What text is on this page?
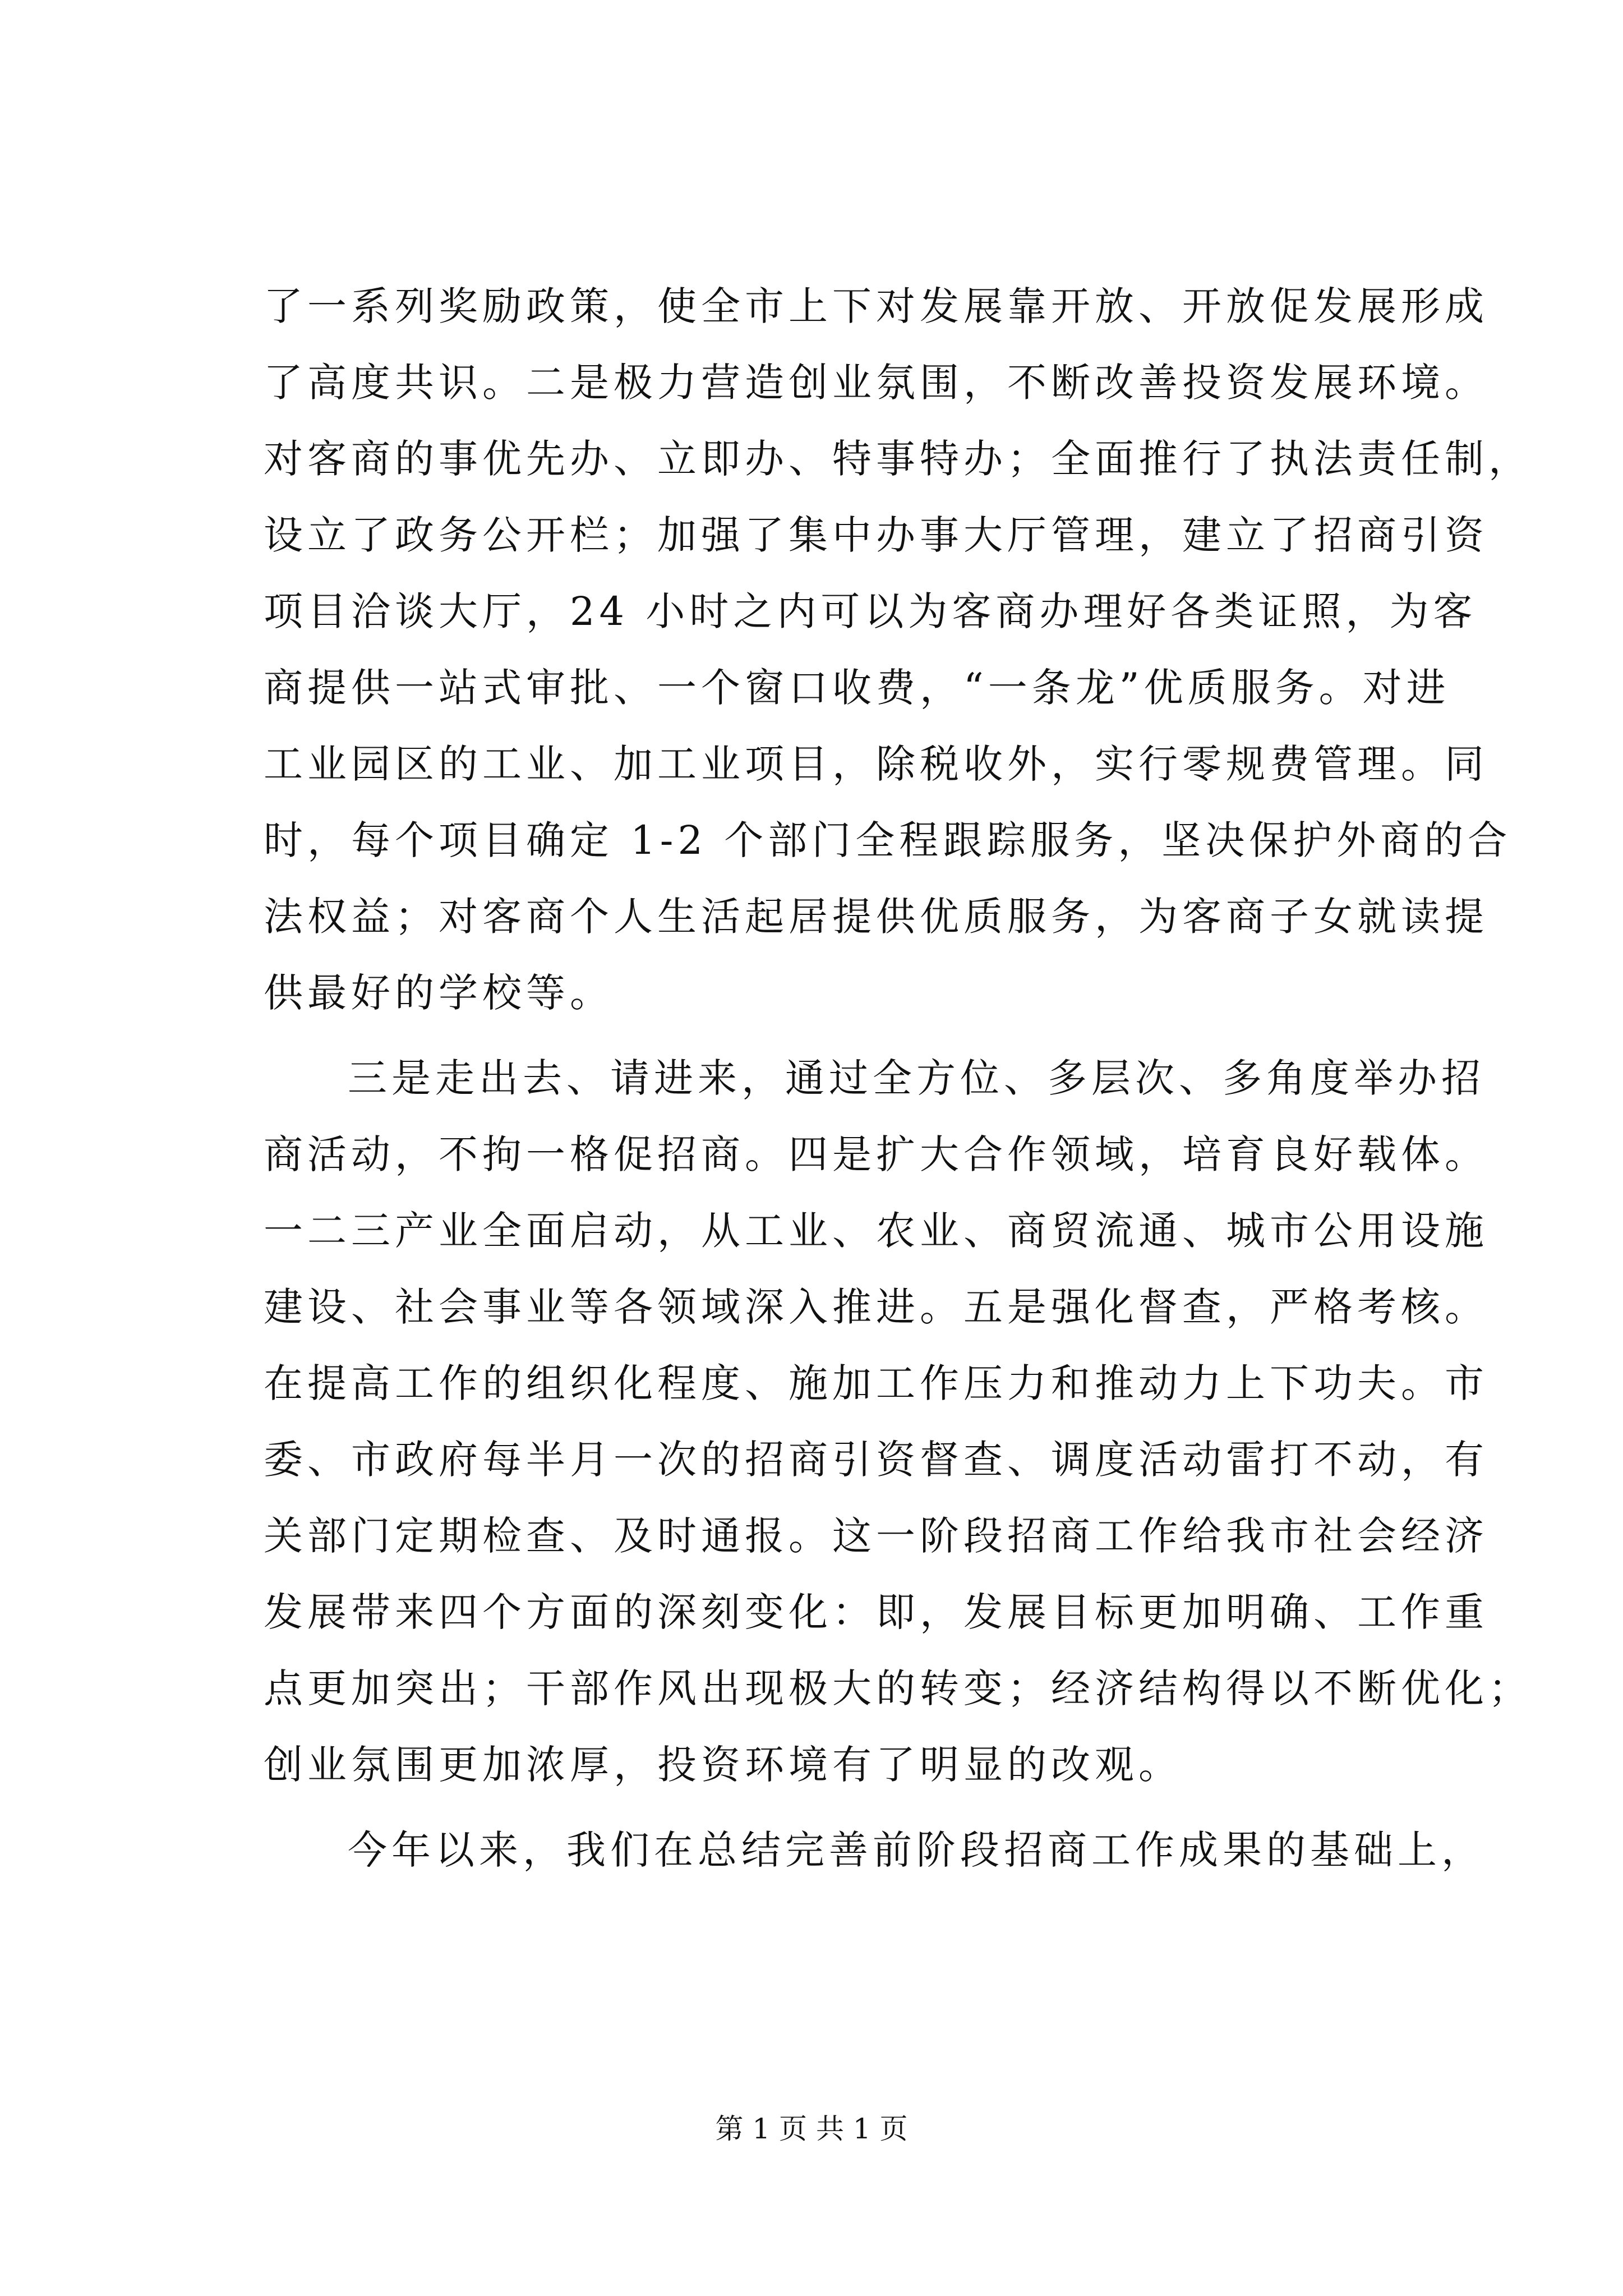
了一系列奖励政策，使全市上下对发展靠开放、开放促发展形成
了高度共识。二是极力营造创业氛围，不断改善投资发展环境。
对客商的事优先办、立即办、特事特办；全面推行了执法责任制，
设立了政务公开栏；加强了集中办事大厅管理，建立了招商引资
项目洽谈大厅，24 小时之内可以为客商办理好各类证照，为客
商提供一站式审批、一个窗口收费，“一条龙”优质服务。对进
工业园区的工业、加工业项目，除税收外，实行零规费管理。同
时，每个项目确定 1-2 个部门全程跟踪服务，坚决保护外商的合
法权益；对客商个人生活起居提供优质服务，为客商子女就读提
供最好的学校等。
三是走出去、请进来，通过全方位、多层次、多角度举办招
商活动，不拘一格促招商。四是扩大合作领域，培育良好载体。
一二三产业全面启动，从工业、农业、商贸流通、城市公用设施
建设、社会事业等各领域深入推进。五是强化督查，严格考核。
在提高工作的组织化程度、施加工作压力和推动力上下功夫。市
委、市政府每半月一次的招商引资督查、调度活动雷打不动，有
关部门定期检查、及时通报。这一阶段招商工作给我市社会经济
发展带来四个方面的深刻变化：即，发展目标更加明确、工作重
点更加突出；干部作风出现极大的转变；经济结构得以不断优化；
创业氛围更加浓厚，投资环境有了明显的改观。
今年以来，我们在总结完善前阶段招商工作成果的基础上，
第 1 页 共 1 页
